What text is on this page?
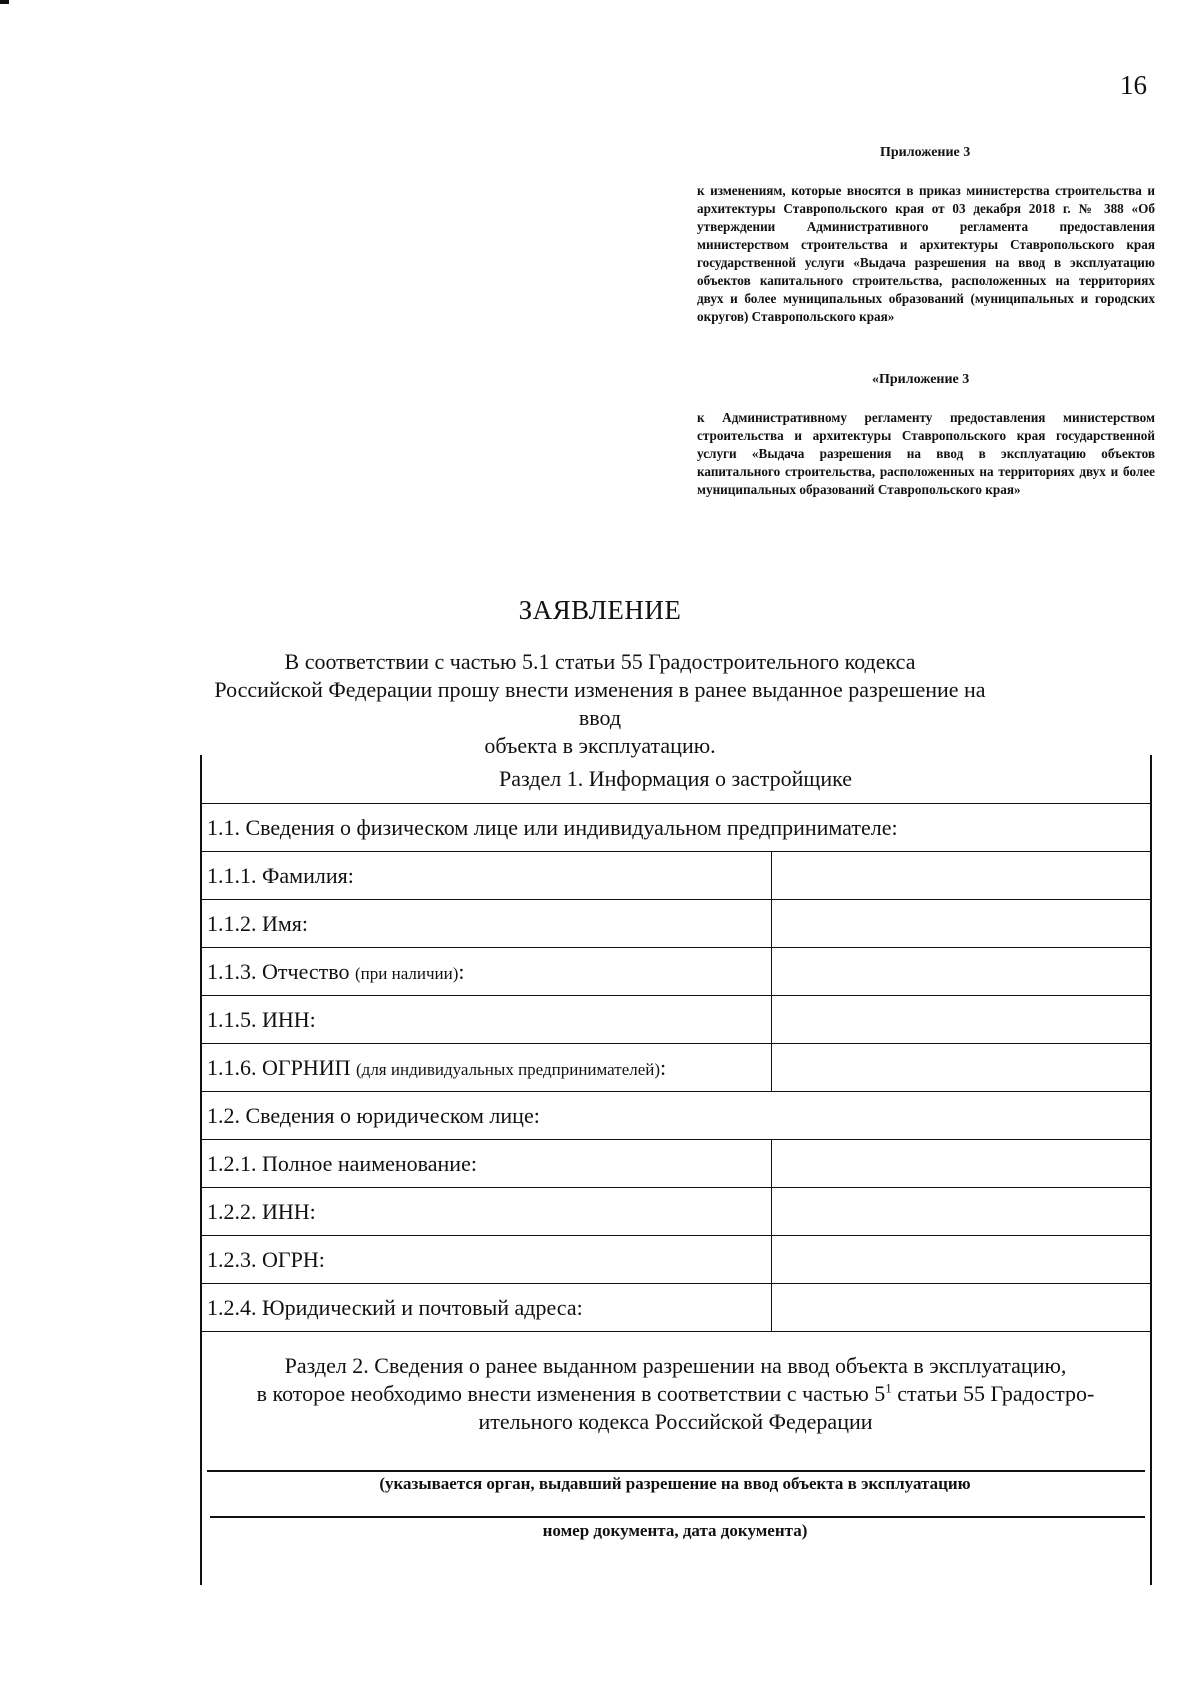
16
Приложение 3
к изменениям, которые вносятся в приказ министерства строительства и архитектуры Ставропольского края от 03 декабря 2018 г. № 388 «Об утверждении Административного регламента предоставления министерством строительства и архитектуры Ставропольского края государственной услуги «Выдача разрешения на ввод в эксплуатацию объектов капитального строительства, расположенных на территориях двух и более муниципальных образований (муниципальных и городских округов) Ставропольского края»
«Приложение 3
к Административному регламенту предоставления министерством строительства и архитектуры Ставропольского края государственной услуги «Выдача разрешения на ввод в эксплуатацию объектов капитального строительства, расположенных на территориях двух и более муниципальных образований Ставропольского края»
ЗАЯВЛЕНИЕ
В соответствии с частью 5.1 статьи 55 Градостроительного кодекса
Российской Федерации прошу внести изменения в ранее выданное разрешение на ввод
объекта в эксплуатацию.
Раздел 1. Информация о застройщике	
1.1. Сведения о физическом лице или индивидуальном предпринимателе:	
1.1.1. Фамилия:	
1.1.2. Имя:	
1.1.3. Отчество (при наличии):	
1.1.5. ИНН:	
1.1.6. ОГРНИП (для индивидуальных предпринимателей):	
1.2. Сведения о юридическом лице:	
1.2.1. Полное наименование:	
1.2.2. ИНН:	
1.2.3. ОГРН:	
1.2.4. Юридический и почтовый адреса:	
Раздел 2. Сведения о ранее выданном разрешении на ввод объекта в эксплуатацию,
в которое необходимо внести изменения в соответствии с частью $5^1$ статьи 55 Градостро-
ительного кодекса Российской Федерации
(указывается орган, выдавший разрешение на ввод объекта в эксплуатацию
номер документа, дата документа)
